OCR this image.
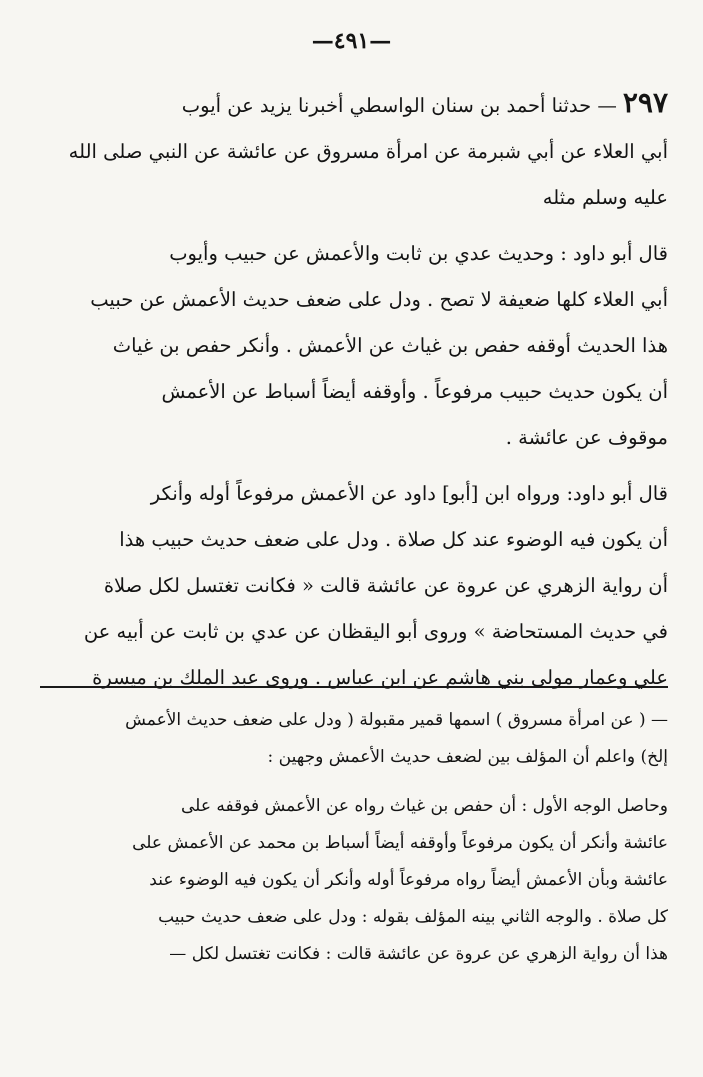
—٤٩١—

٢٩٧— حدثنا أحمد بن سنان الواسطي أخبرنا يزيد عن أيوب

أبي العلاء عن أبي شبرمة عن امرأة مسروق عن عائشة عن النبي صلى الله

عليه وسلم مثله

قال أبو داود : وحديث عدي بن ثابت والأعمش عن حبيب وأيوب

أبي العلاء كلها ضعيفة لا تصح . ودل على ضعف حديث الأعمش عن حبيب

هذا الحديث أوقفه حفص بن غياث عن الأعمش . وأنكر حفص بن غياث

أن يكون حديث حبيب مرفوعاً . وأوقفه أيضاً أسباط عن الأعمش

موقوف عن عائشة .

قال أبو داود: ورواه ابن [أبو] داود عن الأعمش مرفوعاً أوله وأنكر

أن يكون فيه الوضوء عند كل صلاة . ودل على ضعف حديث حبيب هذا

أن رواية الزهري عن عروة عن عائشة قالت « فكانت تغتسل لكل صلاة

في حديث المستحاضة » وروى أبو اليقظان عن عدي بن ثابت عن أبيه عن

علي وعمار مولى بني هاشم عن ابن عباس . وروى عبد الملك بن ميسرة

— ( عن امرأة مسروق ) اسمها قمير مقبولة ( ودل على ضعف حديث الأعمش

إلخ) واعلم أن المؤلف بين لضعف حديث الأعمش وجهين :

وحاصل الوجه الأول : أن حفص بن غياث رواه عن الأعمش فوقفه على

عائشة وأنكر أن يكون مرفوعاً وأوقفه أيضاً أسباط بن محمد عن الأعمش على

عائشة وبأن الأعمش أيضاً رواه مرفوعاً أوله وأنكر أن يكون فيه الوضوء عند

كل صلاة . والوجه الثاني بينه المؤلف بقوله : ودل على ضعف حديث حبيب

هذا أن رواية الزهري عن عروة عن عائشة قالت : فكانت تغتسل لكل —
